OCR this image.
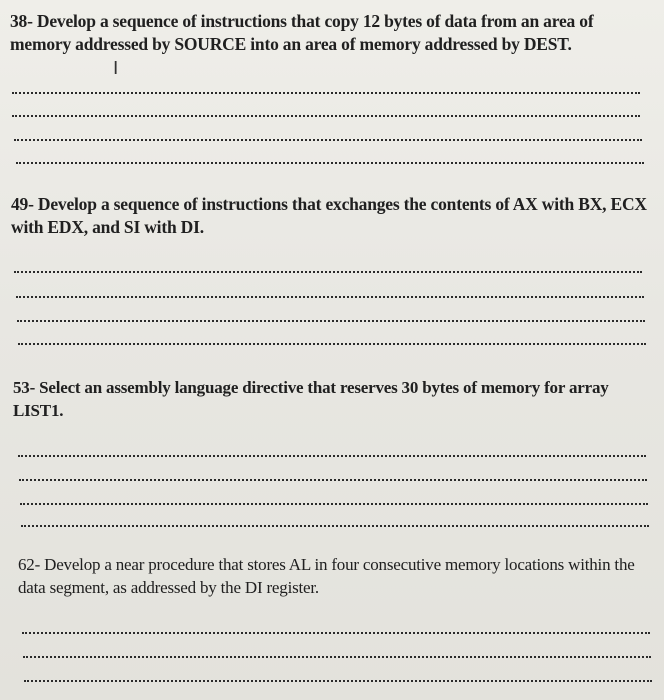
38- Develop a sequence of instructions that copy 12 bytes of data from an area of memory addressed by SOURCE into an area of memory addressed by DEST.

I

49- Develop a sequence of instructions that exchanges the contents of AX with BX, ECX with EDX, and SI with DI.

53- Select an assembly language directive that reserves 30 bytes of memory for array LIST1.

62- Develop a near procedure that stores AL in four consecutive memory locations within the data segment, as addressed by the DI register.
